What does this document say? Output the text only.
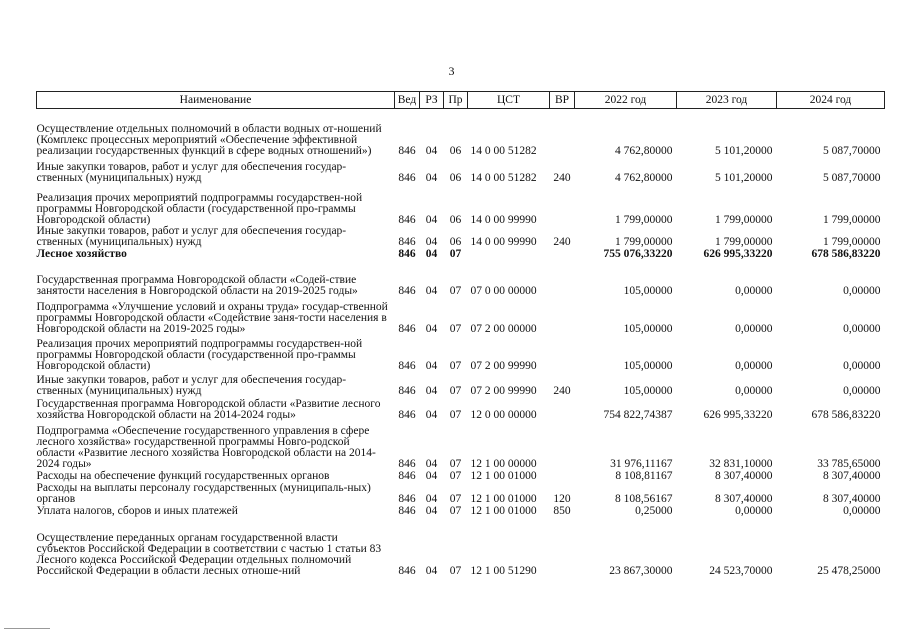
3
Наименование	Вед	РЗ	Пр	ЦСТ	ВР	2022 год	2023 год	2024 год
Осуществление отдельных полномочий в области водных от-ношений (Комплекс процессных мероприятий «Обеспечение эффективной реализации государственных функций в сфере водных отношений»)	846	04	06	14 0 00 51282		4 762,80000	5 101,20000	5 087,70000
Иные закупки товаров, работ и услуг для обеспечения государ-ственных (муниципальных) нужд	846	04	06	14 0 00 51282	240	4 762,80000	5 101,20000	5 087,70000
Реализация прочих мероприятий подпрограммы государствен-ной программы Новгородской области (государственной про-граммы Новгородской области)	846	04	06	14 0 00 99990		1 799,00000	1 799,00000	1 799,00000
Иные закупки товаров, работ и услуг для обеспечения государ-ственных (муниципальных) нужд	846	04	06	14 0 00 99990	240	1 799,00000	1 799,00000	1 799,00000
Лесное хозяйство	846	04	07			755 076,33220	626 995,33220	678 586,83220
Государственная программа Новгородской области «Содей-ствие занятости населения в Новгородской области на 2019-2025 годы»	846	04	07	07 0 00 00000		105,00000	0,00000	0,00000
Подпрограмма «Улучшение условий и охраны труда» государ-ственной программы Новгородской области «Содействие заня-тости населения в Новгородской области на 2019-2025 годы»	846	04	07	07 2 00 00000		105,00000	0,00000	0,00000
Реализация прочих мероприятий подпрограммы государствен-ной программы Новгородской области (государственной про-граммы Новгородской области)	846	04	07	07 2 00 99990		105,00000	0,00000	0,00000
Иные закупки товаров, работ и услуг для обеспечения государ-ственных (муниципальных) нужд	846	04	07	07 2 00 99990	240	105,00000	0,00000	0,00000
Государственная программа Новгородской области «Развитие лесного хозяйства Новгородской области на 2014-2024 годы»	846	04	07	12 0 00 00000		754 822,74387	626 995,33220	678 586,83220
Подпрограмма «Обеспечение государственного управления в сфере лесного хозяйства» государственной программы Новго-родской области «Развитие лесного хозяйства Новгородской области на 2014-2024 годы»	846	04	07	12 1 00 00000		31 976,11167	32 831,10000	33 785,65000
Расходы на обеспечение функций государственных органов	846	04	07	12 1 00 01000		8 108,81167	8 307,40000	8 307,40000
Расходы на выплаты персоналу государственных (муниципаль-ных) органов	846	04	07	12 1 00 01000	120	8 108,56167	8 307,40000	8 307,40000
Уплата налогов, сборов и иных платежей	846	04	07	12 1 00 01000	850	0,25000	0,00000	0,00000
Осуществление переданных органам государственной власти субъектов Российской Федерации в соответствии с частью 1 статьи 83 Лесного кодекса Российской Федерации отдельных полномочий Российской Федерации в области лесных отноше-ний	846	04	07	12 1 00 51290		23 867,30000	24 523,70000	25 478,25000
